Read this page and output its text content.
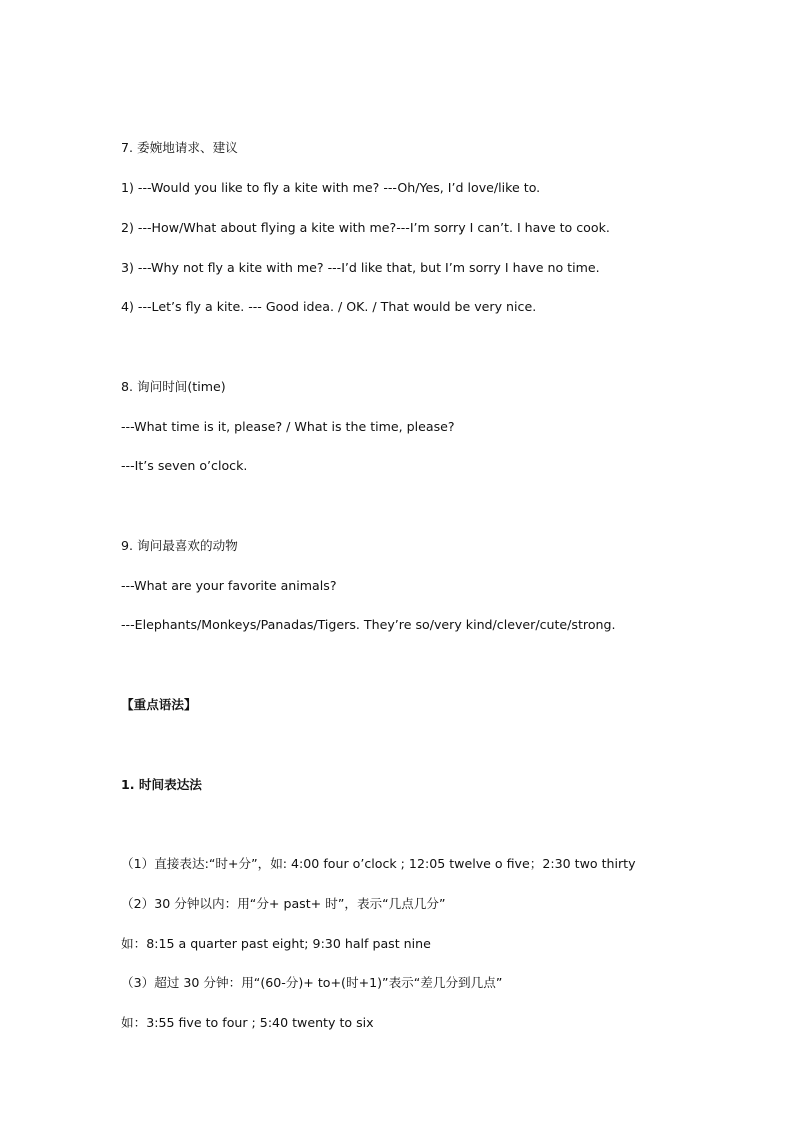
7. 委婉地请求、建议
1) ---Would you like to fly a kite with me? ---Oh/Yes, I’d love/like to.
2) ---How/What about flying a kite with me?---I’m sorry I can’t. I have to cook.
3) ---Why not fly a kite with me? ---I’d like that, but I’m sorry I have no time.
4) ---Let’s fly a kite. --- Good idea. / OK. / That would be very nice.
8. 询问时间(time)
---What time is it, please? / What is the time, please?
---It’s seven o’clock.
9. 询问最喜欢的动物
---What are your favorite animals?
---Elephants/Monkeys/Panadas/Tigers. They’re so/very kind/clever/cute/strong.
【重点语法】
1. 时间表达法
（1）直接表达:“时+分”，如: 4:00 four o’clock ; 12:05 twelve o five；2:30 two thirty
（2）30 分钟以内：用“分+ past+ 时”，表示“几点几分”
如：8:15 a quarter past eight; 9:30 half past nine
（3）超过 30 分钟：用“(60-分)+ to+(时+1)”表示“差几分到几点”
如：3:55 five to four ; 5:40 twenty to six
